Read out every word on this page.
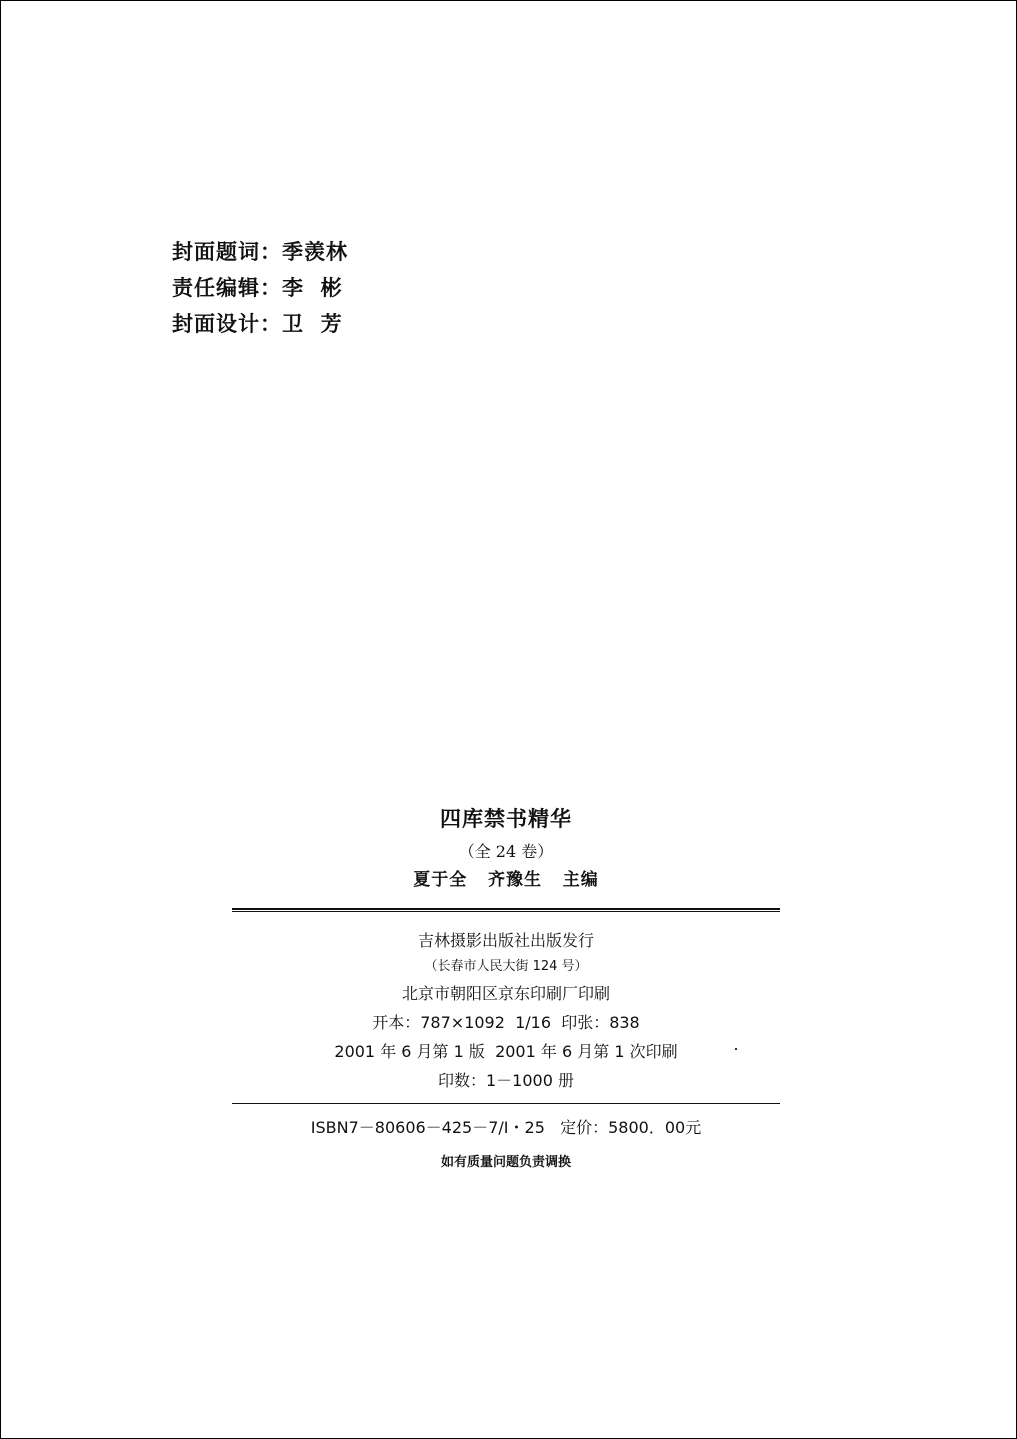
封面题词：季羡林
责任编辑：李  彬
封面设计：卫  芳
四库禁书精华
（全 24 卷）
夏于全   齐豫生   主编
吉林摄影出版社出版发行
（长春市人民大街 124 号）
北京市朝阳区京东印刷厂印刷
开本：787×1092  1/16  印张：838
2001 年 6 月第 1 版  2001 年 6 月第 1 次印刷
印数：1－1000 册
ISBN7－80606－425－7/I・25   定价：5800．00元
如有质量问题负责调换
